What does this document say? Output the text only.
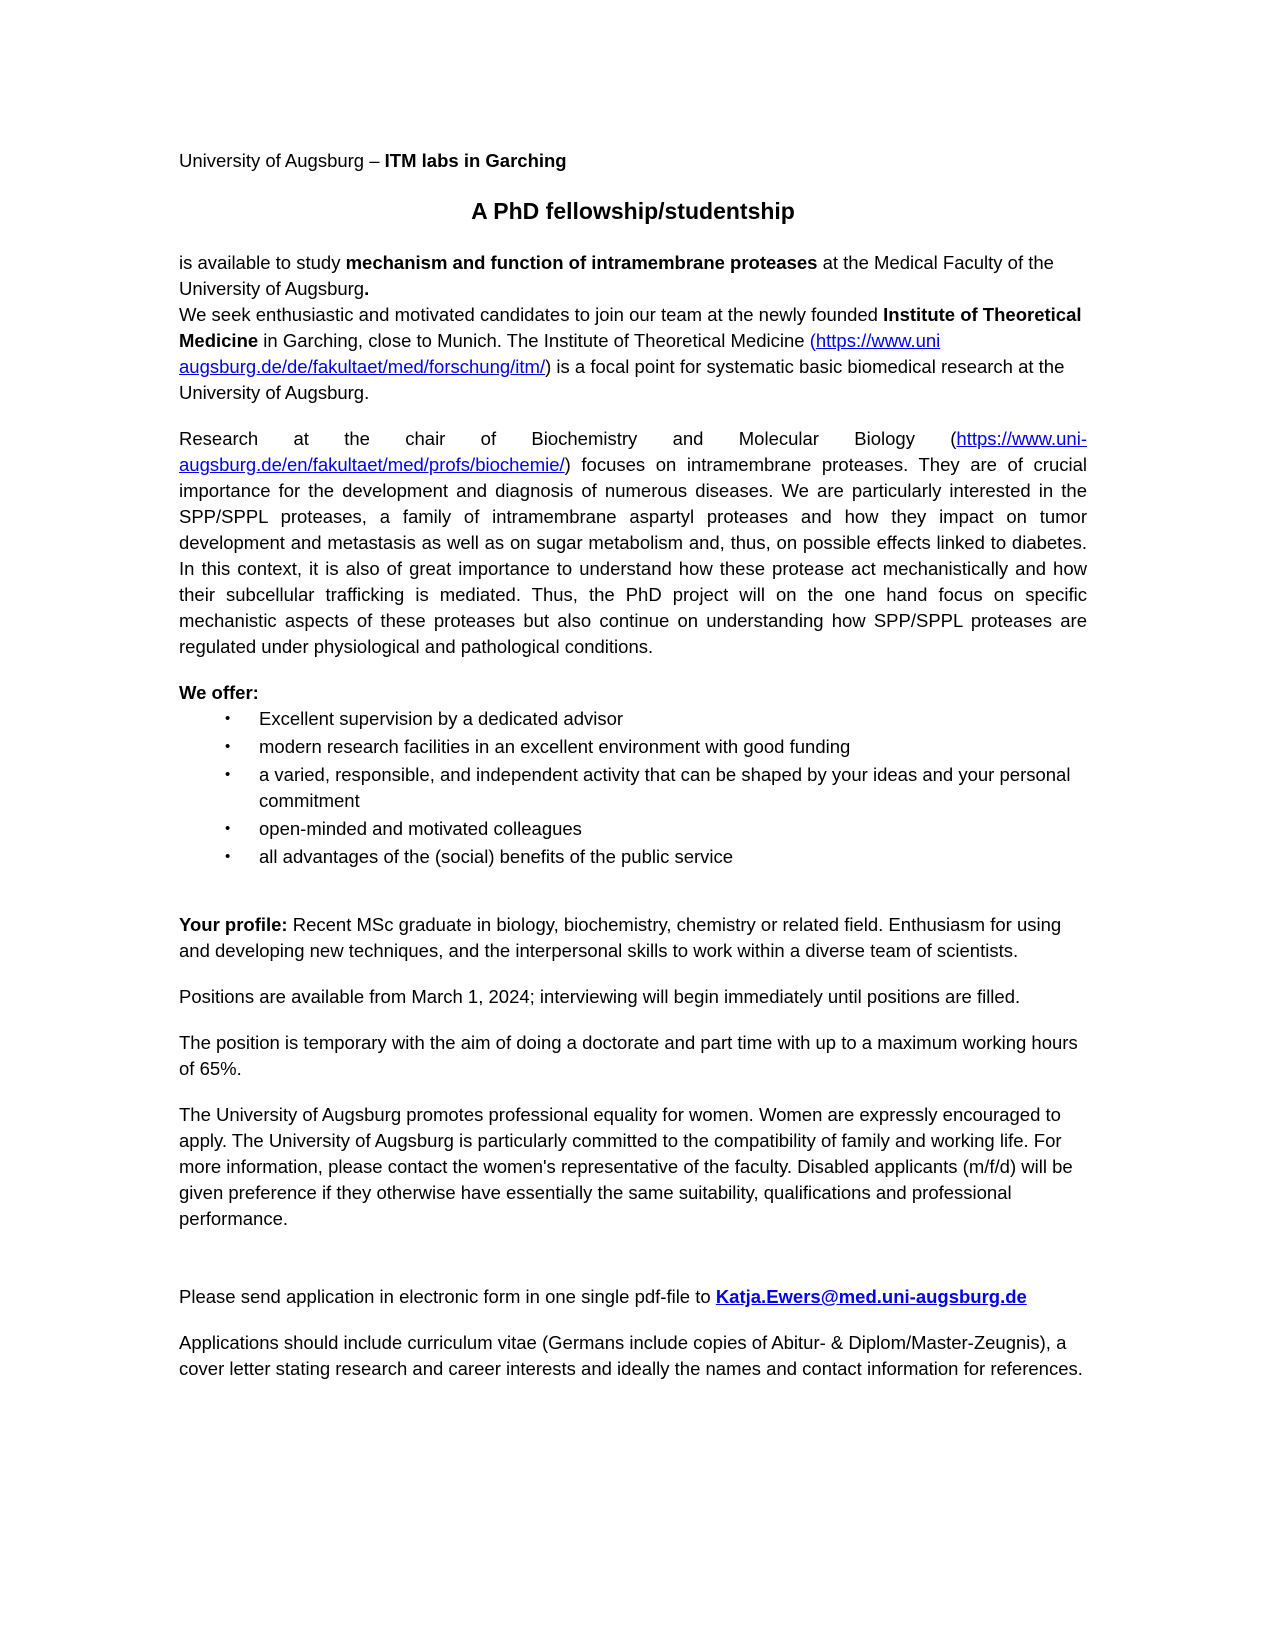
University of Augsburg – ITM labs in Garching

A PhD fellowship/studentship

is available to study mechanism and function of intramembrane proteases at the Medical Faculty of the University of Augsburg.

We seek enthusiastic and motivated candidates to join our team at the newly founded Institute of Theoretical Medicine in Garching, close to Munich. The Institute of Theoretical Medicine (https://www.uni augsburg.de/de/fakultaet/med/forschung/itm/) is a focal point for systematic basic biomedical research at the University of Augsburg.

Research at the chair of Biochemistry and Molecular Biology (https://www.uni-augsburg.de/en/fakultaet/med/profs/biochemie/) focuses on intramembrane proteases. They are of crucial importance for the development and diagnosis of numerous diseases. We are particularly interested in the SPP/SPPL proteases, a family of intramembrane aspartyl proteases and how they impact on tumor development and metastasis as well as on sugar metabolism and, thus, on possible effects linked to diabetes. In this context, it is also of great importance to understand how these protease act mechanistically and how their subcellular trafficking is mediated. Thus, the PhD project will on the one hand focus on specific mechanistic aspects of these proteases but also continue on understanding how SPP/SPPL proteases are regulated under physiological and pathological conditions.

We offer:

• Excellent supervision by a dedicated advisor
• modern research facilities in an excellent environment with good funding
• a varied, responsible, and independent activity that can be shaped by your ideas and your personal commitment
• open-minded and motivated colleagues
• all advantages of the (social) benefits of the public service

Your profile: Recent MSc graduate in biology, biochemistry, chemistry or related field. Enthusiasm for using and developing new techniques, and the interpersonal skills to work within a diverse team of scientists.

Positions are available from March 1, 2024; interviewing will begin immediately until positions are filled.

The position is temporary with the aim of doing a doctorate and part time with up to a maximum working hours of 65%.

The University of Augsburg promotes professional equality for women. Women are expressly encouraged to apply. The University of Augsburg is particularly committed to the compatibility of family and working life. For more information, please contact the women's representative of the faculty. Disabled applicants (m/f/d) will be given preference if they otherwise have essentially the same suitability, qualifications and professional performance.

Please send application in electronic form in one single pdf-file to Katja.Ewers@med.uni-augsburg.de

Applications should include curriculum vitae (Germans include copies of Abitur- & Diplom/Master-Zeugnis), a cover letter stating research and career interests and ideally the names and contact information for references.
